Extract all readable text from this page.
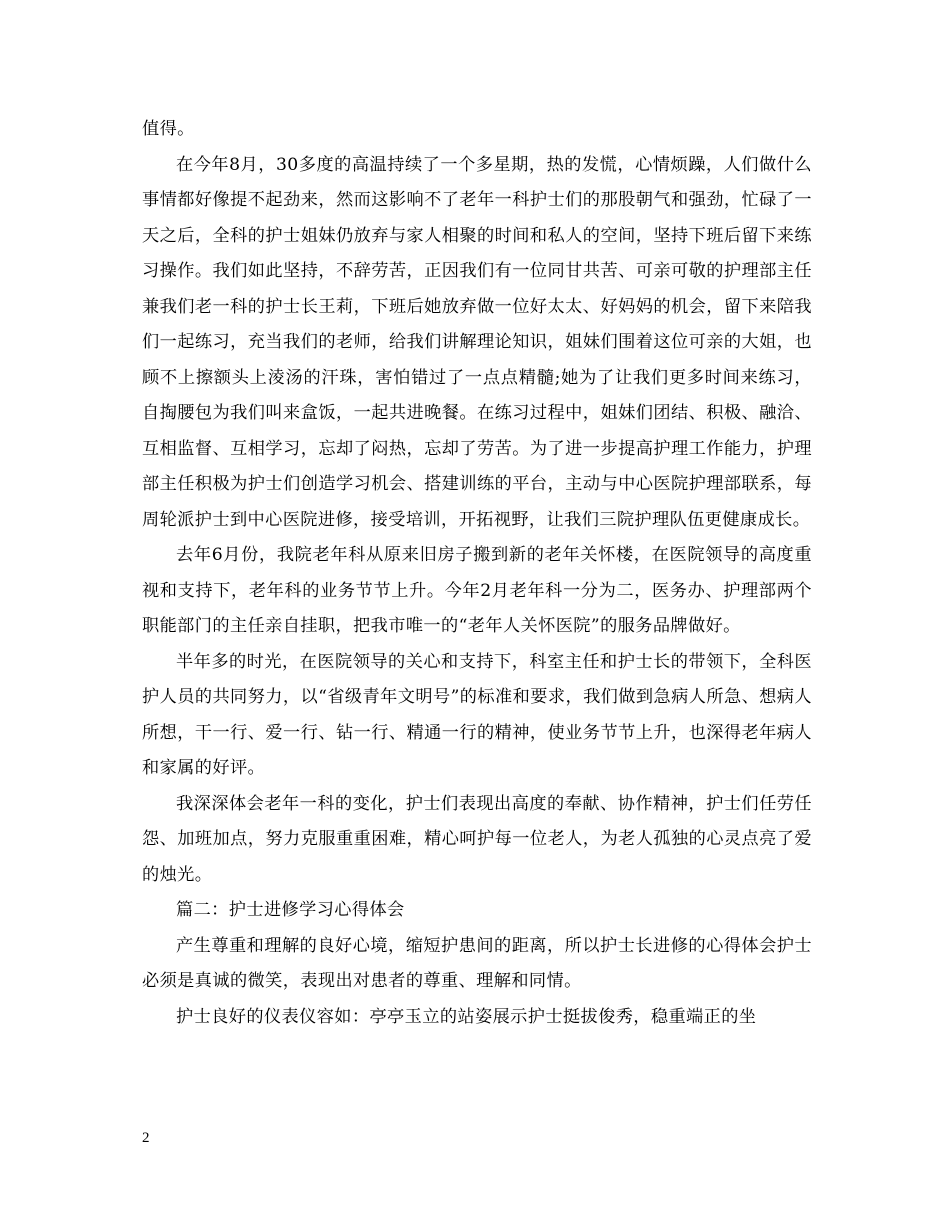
值得。

在今年8月，30多度的高温持续了一个多星期，热的发慌，心情烦躁，人们做什么事情都好像提不起劲来，然而这影响不了老年一科护士们的那股朝气和强劲，忙碌了一天之后，全科的护士姐妹仍放弃与家人相聚的时间和私人的空间，坚持下班后留下来练习操作。我们如此坚持，不辞劳苦，正因我们有一位同甘共苦、可亲可敬的护理部主任兼我们老一科的护士长王莉，下班后她放弃做一位好太太、好妈妈的机会，留下来陪我们一起练习，充当我们的老师，给我们讲解理论知识，姐妹们围着这位可亲的大姐，也顾不上擦额头上淩汤的汗珠，害怕错过了一点点精髓;她为了让我们更多时间来练习，自掏腰包为我们叫来盒饭，一起共进晚餐。在练习过程中，姐妹们团结、积极、融洽、互相监督、互相学习，忘却了闷热，忘却了劳苦。为了进一步提高护理工作能力，护理部主任积极为护士们创造学习机会、搭建训练的平台，主动与中心医院护理部联系，每周轮派护士到中心医院进修，接受培训，开拓视野，让我们三院护理队伍更健康成长。

去年6月份，我院老年科从原来旧房子搬到新的老年关怀楼，在医院领导的高度重视和支持下，老年科的业务节节上升。今年2月老年科一分为二，医务办、护理部两个职能部门的主任亲自挂职，把我市唯一的“老年人关怀医院”的服务品牌做好。

半年多的时光，在医院领导的关心和支持下，科室主任和护士长的带领下，全科医护人员的共同努力，以“省级青年文明号”的标准和要求，我们做到急病人所急、想病人所想，干一行、爱一行、钻一行、精通一行的精神，使业务节节上升，也深得老年病人和家属的好评。

我深深体会老年一科的变化，护士们表现出高度的奉献、协作精神，护士们任劳任怨、加班加点，努力克服重重困难，精心呵护每一位老人，为老人孤独的心灵点亮了爱的烛光。

篇二：护士进修学习心得体会

产生尊重和理解的良好心境，缩短护患间的距离，所以护士长进修的心得体会护士必须是真诚的微笑，表现出对患者的尊重、理解和同情。

护士良好的仪表仪容如：亭亭玉立的站姿展示护士挺拔俊秀，稳重端正的坐

2
